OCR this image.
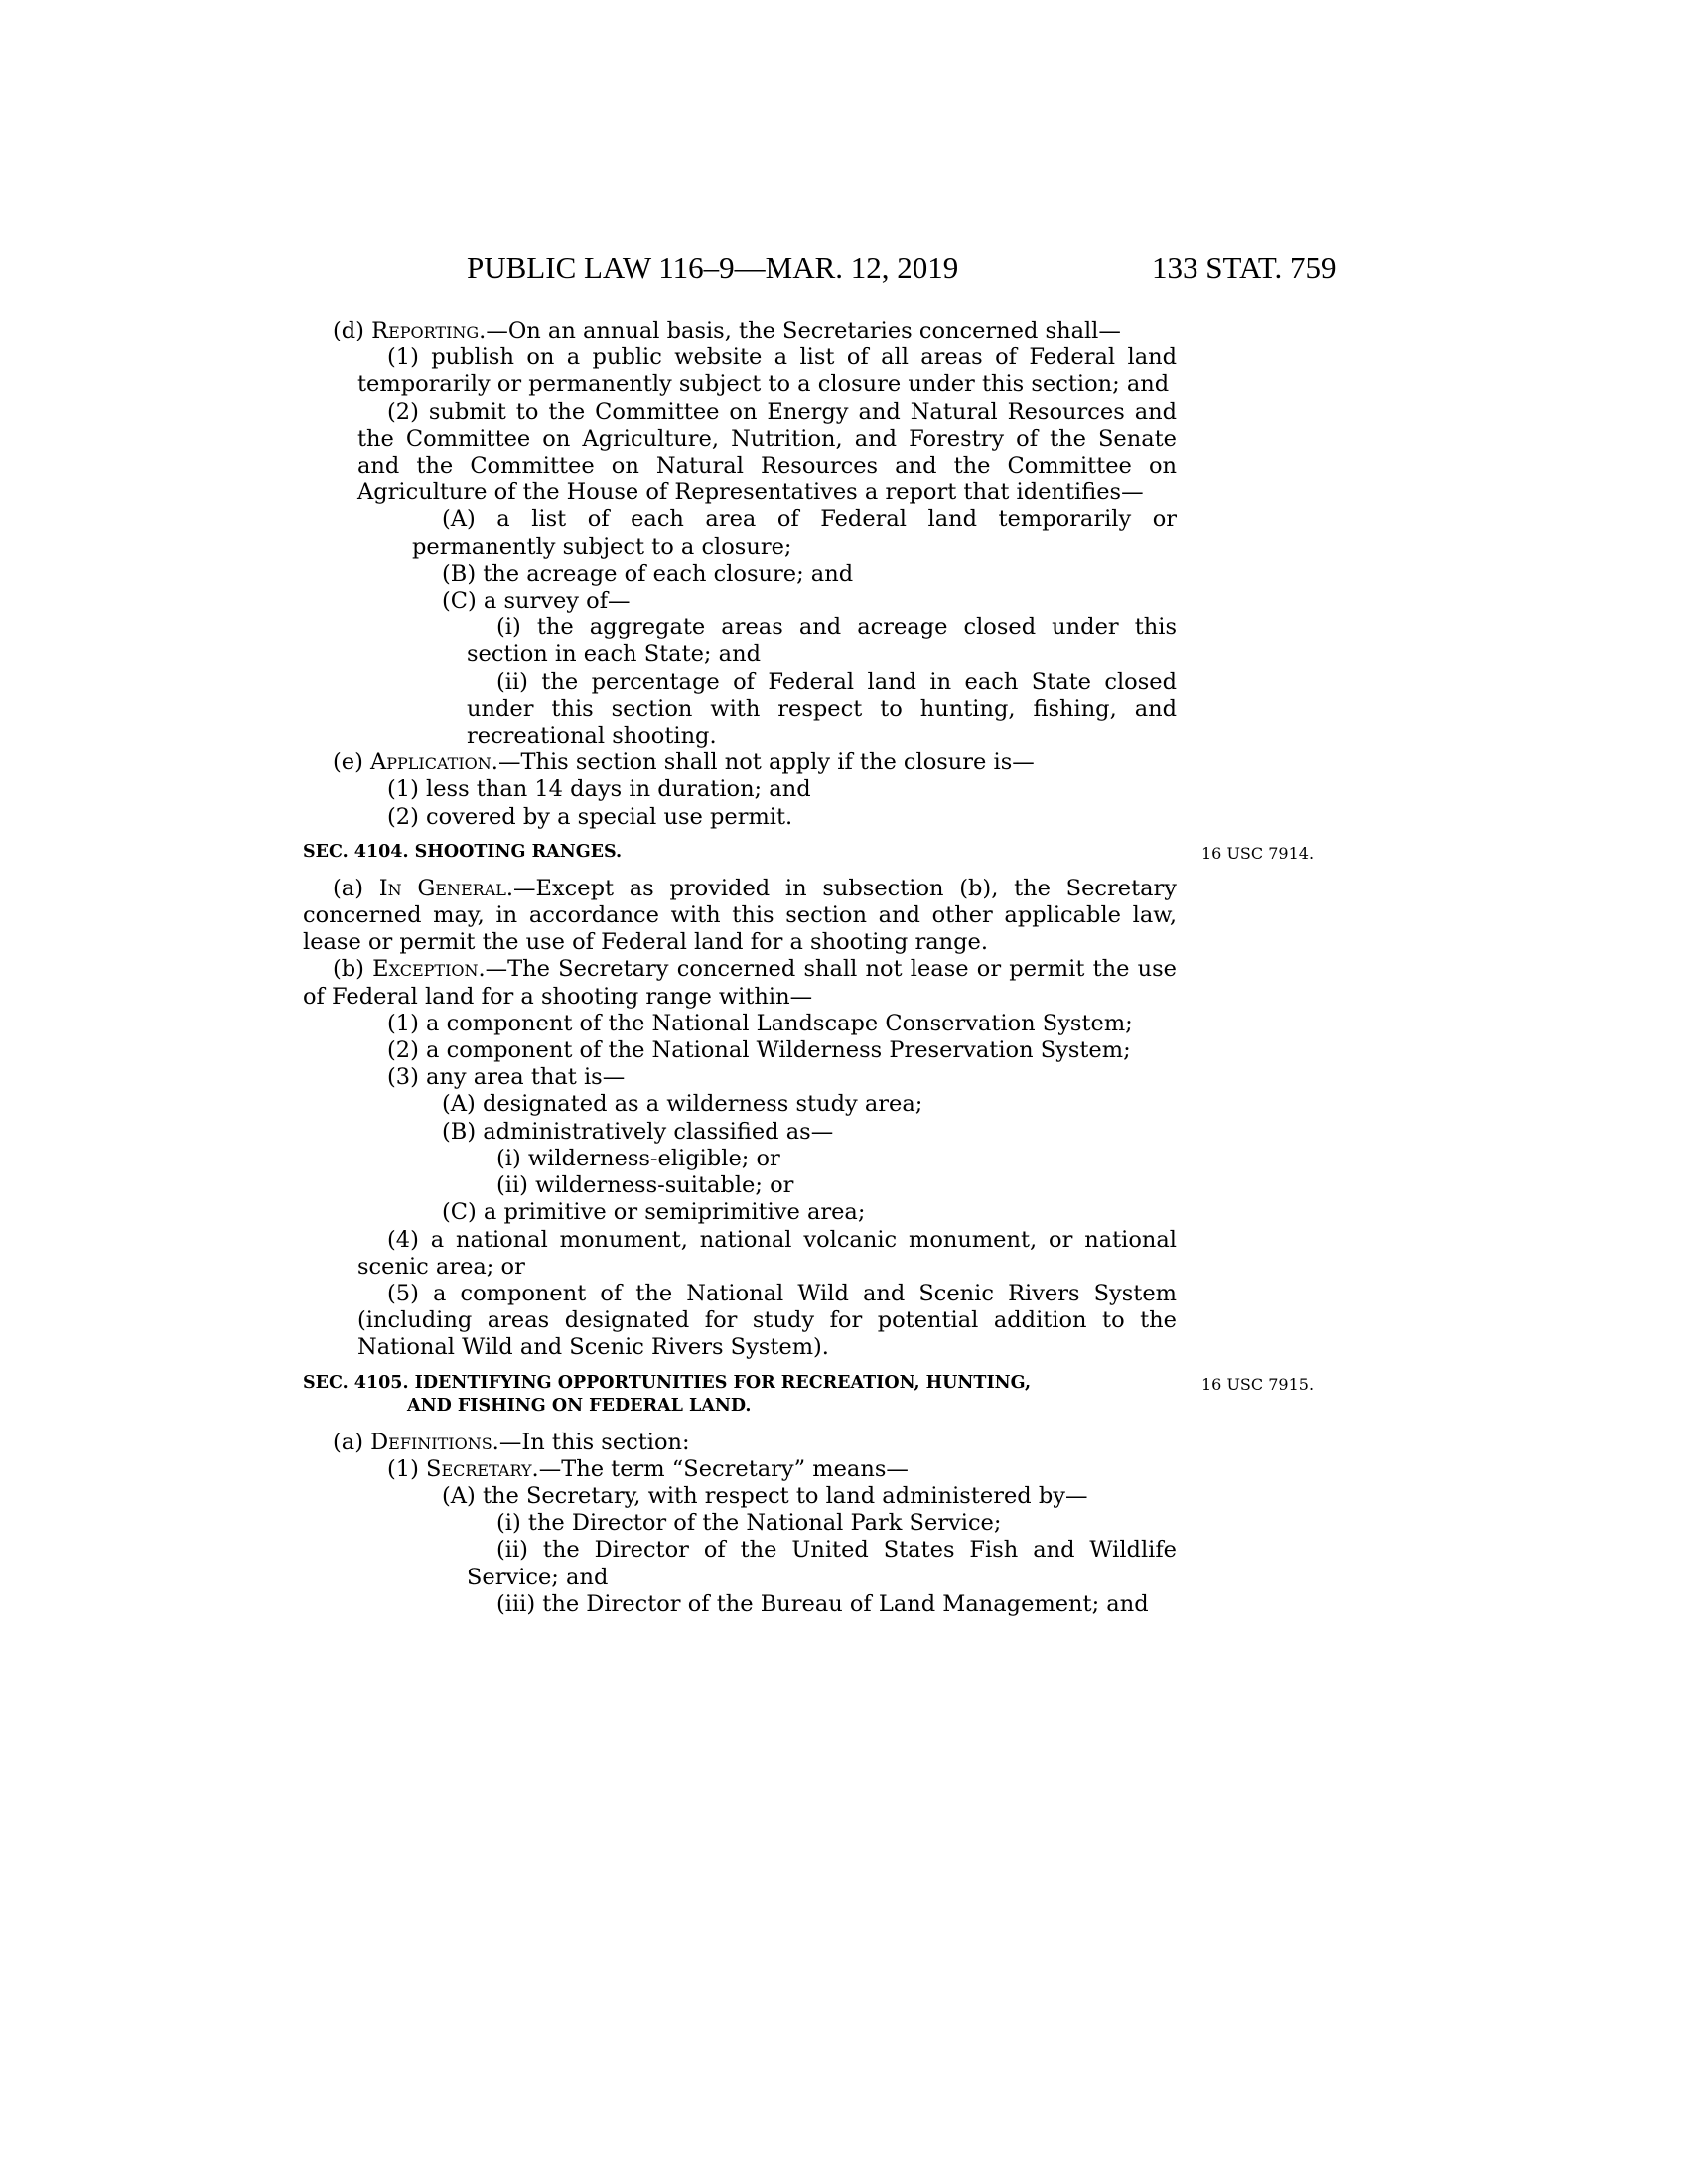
PUBLIC LAW 116–9—MAR. 12, 2019	133 STAT. 759

(d) Reporting.—On an annual basis, the Secretaries concerned shall—

(1) publish on a public website a list of all areas of Federal land temporarily or permanently subject to a closure under this section; and

(2) submit to the Committee on Energy and Natural Resources and the Committee on Agriculture, Nutrition, and Forestry of the Senate and the Committee on Natural Resources and the Committee on Agriculture of the House of Representatives a report that identifies—

(A) a list of each area of Federal land temporarily or permanently subject to a closure;

(B) the acreage of each closure; and

(C) a survey of—

(i) the aggregate areas and acreage closed under this section in each State; and

(ii) the percentage of Federal land in each State closed under this section with respect to hunting, fishing, and recreational shooting.

(e) Application.—This section shall not apply if the closure is—

(1) less than 14 days in duration; and

(2) covered by a special use permit.

SEC. 4104. SHOOTING RANGES.	16 USC 7914.

(a) In General.—Except as provided in subsection (b), the Secretary concerned may, in accordance with this section and other applicable law, lease or permit the use of Federal land for a shooting range.

(b) Exception.—The Secretary concerned shall not lease or permit the use of Federal land for a shooting range within—

(1) a component of the National Landscape Conservation System;

(2) a component of the National Wilderness Preservation System;

(3) any area that is—

(A) designated as a wilderness study area;

(B) administratively classified as—

(i) wilderness-eligible; or

(ii) wilderness-suitable; or

(C) a primitive or semiprimitive area;

(4) a national monument, national volcanic monument, or national scenic area; or

(5) a component of the National Wild and Scenic Rivers System (including areas designated for study for potential addition to the National Wild and Scenic Rivers System).

SEC. 4105. IDENTIFYING OPPORTUNITIES FOR RECREATION, HUNTING,
AND FISHING ON FEDERAL LAND.
16 USC 7915.

(a) Definitions.—In this section:

(1) Secretary.—The term “Secretary” means—

(A) the Secretary, with respect to land administered by—

(i) the Director of the National Park Service;

(ii) the Director of the United States Fish and Wildlife Service; and

(iii) the Director of the Bureau of Land Management; and
